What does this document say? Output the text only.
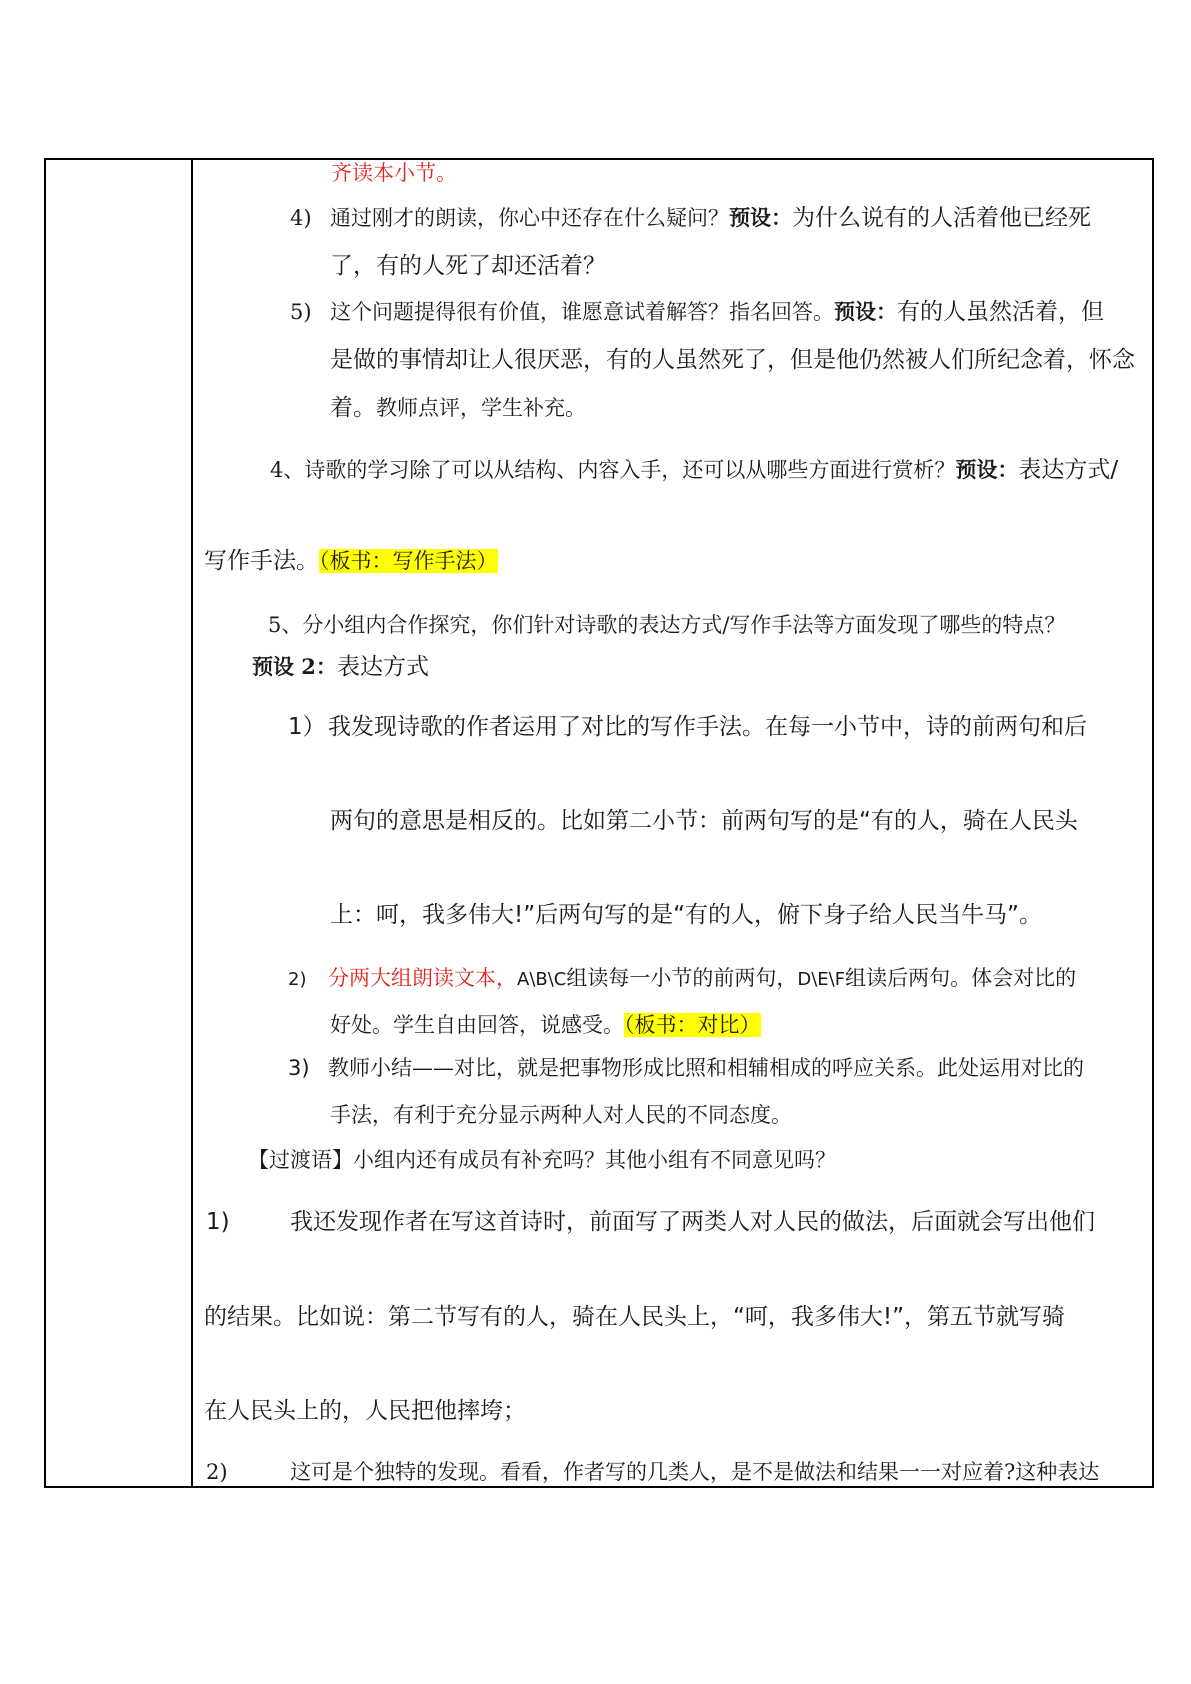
齐读本小节。
4) 通过刚才的朗读，你心中还存在什么疑问？预设：为什么说有的人活着他已经死
了，有的人死了却还活着？
5) 这个问题提得很有价值，谁愿意试着解答？指名回答。预设：有的人虽然活着，但
是做的事情却让人很厌恶，有的人虽然死了，但是他仍然被人们所纪念着，怀念
着。教师点评，学生补充。
4、诗歌的学习除了可以从结构、内容入手，还可以从哪些方面进行赏析？预设：表达方式/
写作手法。（板书：写作手法）
5、分小组内合作探究，你们针对诗歌的表达方式/写作手法等方面发现了哪些的特点？
预设 2：表达方式
1） 我发现诗歌的作者运用了对比的写作手法。在每一小节中，诗的前两句和后
两句的意思是相反的。比如第二小节：前两句写的是“有的人，骑在人民头
上：呵，我多伟大!”后两句写的是“有的人，俯下身子给人民当牛马”。
2) 分两大组朗读文本，A\B\C组读每一小节的前两句，D\E\F组读后两句。体会对比的
好处。学生自由回答，说感受。（板书：对比）
3) 教师小结——对比，就是把事物形成比照和相辅相成的呼应关系。此处运用对比的
手法，有利于充分显示两种人对人民的不同态度。
【过渡语】小组内还有成员有补充吗？其他小组有不同意见吗？
1)	我还发现作者在写这首诗时，前面写了两类人对人民的做法，后面就会写出他们
的结果。比如说：第二节写有的人，骑在人民头上，“呵，我多伟大!”，第五节就写骑
在人民头上的，人民把他摔垮；
2)	这可是个独特的发现。看看，作者写的几类人，是不是做法和结果一一对应着?这种表达
